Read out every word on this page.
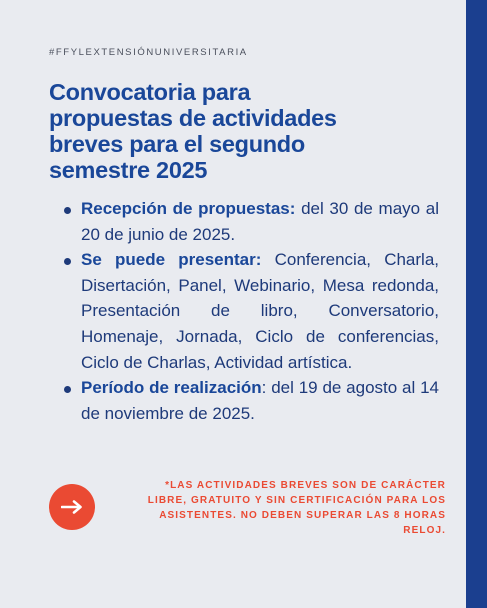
#FFYLEXTENSIÓNUNIVERSITARIA
Convocatoria para
propuestas de actividades
breves para el segundo
semestre 2025
Recepción de propuestas: del 30 de mayo al 20 de junio de 2025.
Se puede presentar: Conferencia, Charla, Disertación, Panel, Webinario, Mesa redonda, Presentación de libro, Conversatorio, Homenaje, Jornada, Ciclo de conferencias, Ciclo de Charlas, Actividad artística.
Período de realización: del 19 de agosto al 14 de noviembre de 2025.
*LAS ACTIVIDADES BREVES SON DE CARÁCTER LIBRE, GRATUITO Y SIN CERTIFICACIÓN PARA LOS ASISTENTES. NO DEBEN SUPERAR LAS 8 HORAS RELOJ.
